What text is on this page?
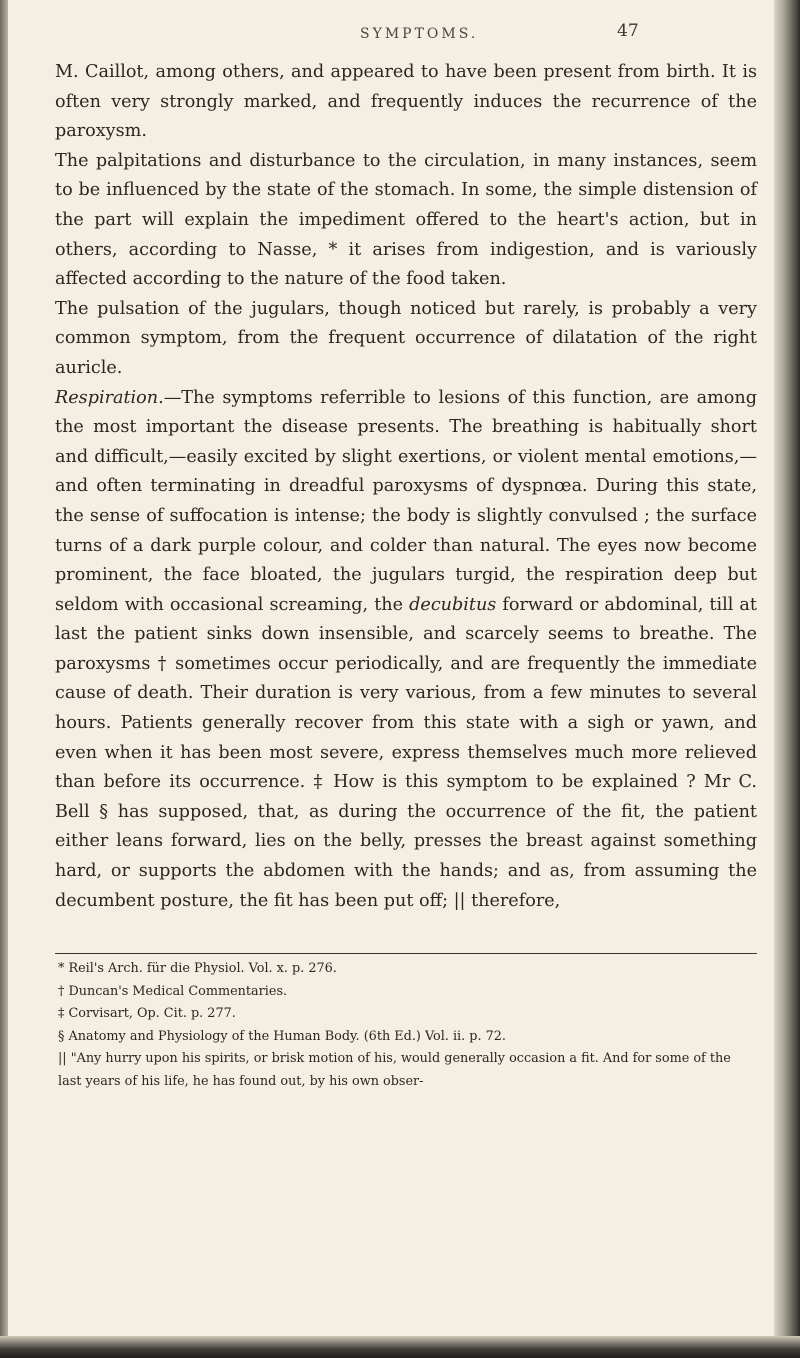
SYMPTOMS.	47

M. Caillot, among others, and appeared to have been present from birth. It is often very strongly marked, and frequently induces the recurrence of the paroxysm.

The palpitations and disturbance to the circulation, in many instances, seem to be influenced by the state of the stomach. In some, the simple distension of the part will explain the impediment offered to the heart's action, but in others, according to Nasse, * it arises from indigestion, and is variously affected according to the nature of the food taken.

The pulsation of the jugulars, though noticed but rarely, is probably a very common symptom, from the frequent occurrence of dilatation of the right auricle.

Respiration.—The symptoms referrible to lesions of this function, are among the most important the disease presents. The breathing is habitually short and difficult,—easily excited by slight exertions, or violent mental emotions,—and often terminating in dreadful paroxysms of dyspnœa. During this state, the sense of suffocation is intense; the body is slightly convulsed ; the surface turns of a dark purple colour, and colder than natural. The eyes now become prominent, the face bloated, the jugulars turgid, the respiration deep but seldom with occasional screaming, the decubitus forward or abdominal, till at last the patient sinks down insensible, and scarcely seems to breathe. The paroxysms † sometimes occur periodically, and are frequently the immediate cause of death. Their duration is very various, from a few minutes to several hours. Patients generally recover from this state with a sigh or yawn, and even when it has been most severe, express themselves much more relieved than before its occurrence. ‡ How is this symptom to be explained ? Mr C. Bell § has supposed, that, as during the occurrence of the fit, the patient either leans forward, lies on the belly, presses the breast against something hard, or supports the abdomen with the hands; and as, from assuming the decumbent posture, the fit has been put off; || therefore,

* Reil's Arch. für die Physiol. Vol. x. p. 276.
† Duncan's Medical Commentaries.
‡ Corvisart, Op. Cit. p. 277.
§ Anatomy and Physiology of the Human Body. (6th Ed.) Vol. ii. p. 72.
|| "Any hurry upon his spirits, or brisk motion of his, would generally occasion a fit. And for some of the last years of his life, he has found out, by his own obser-
